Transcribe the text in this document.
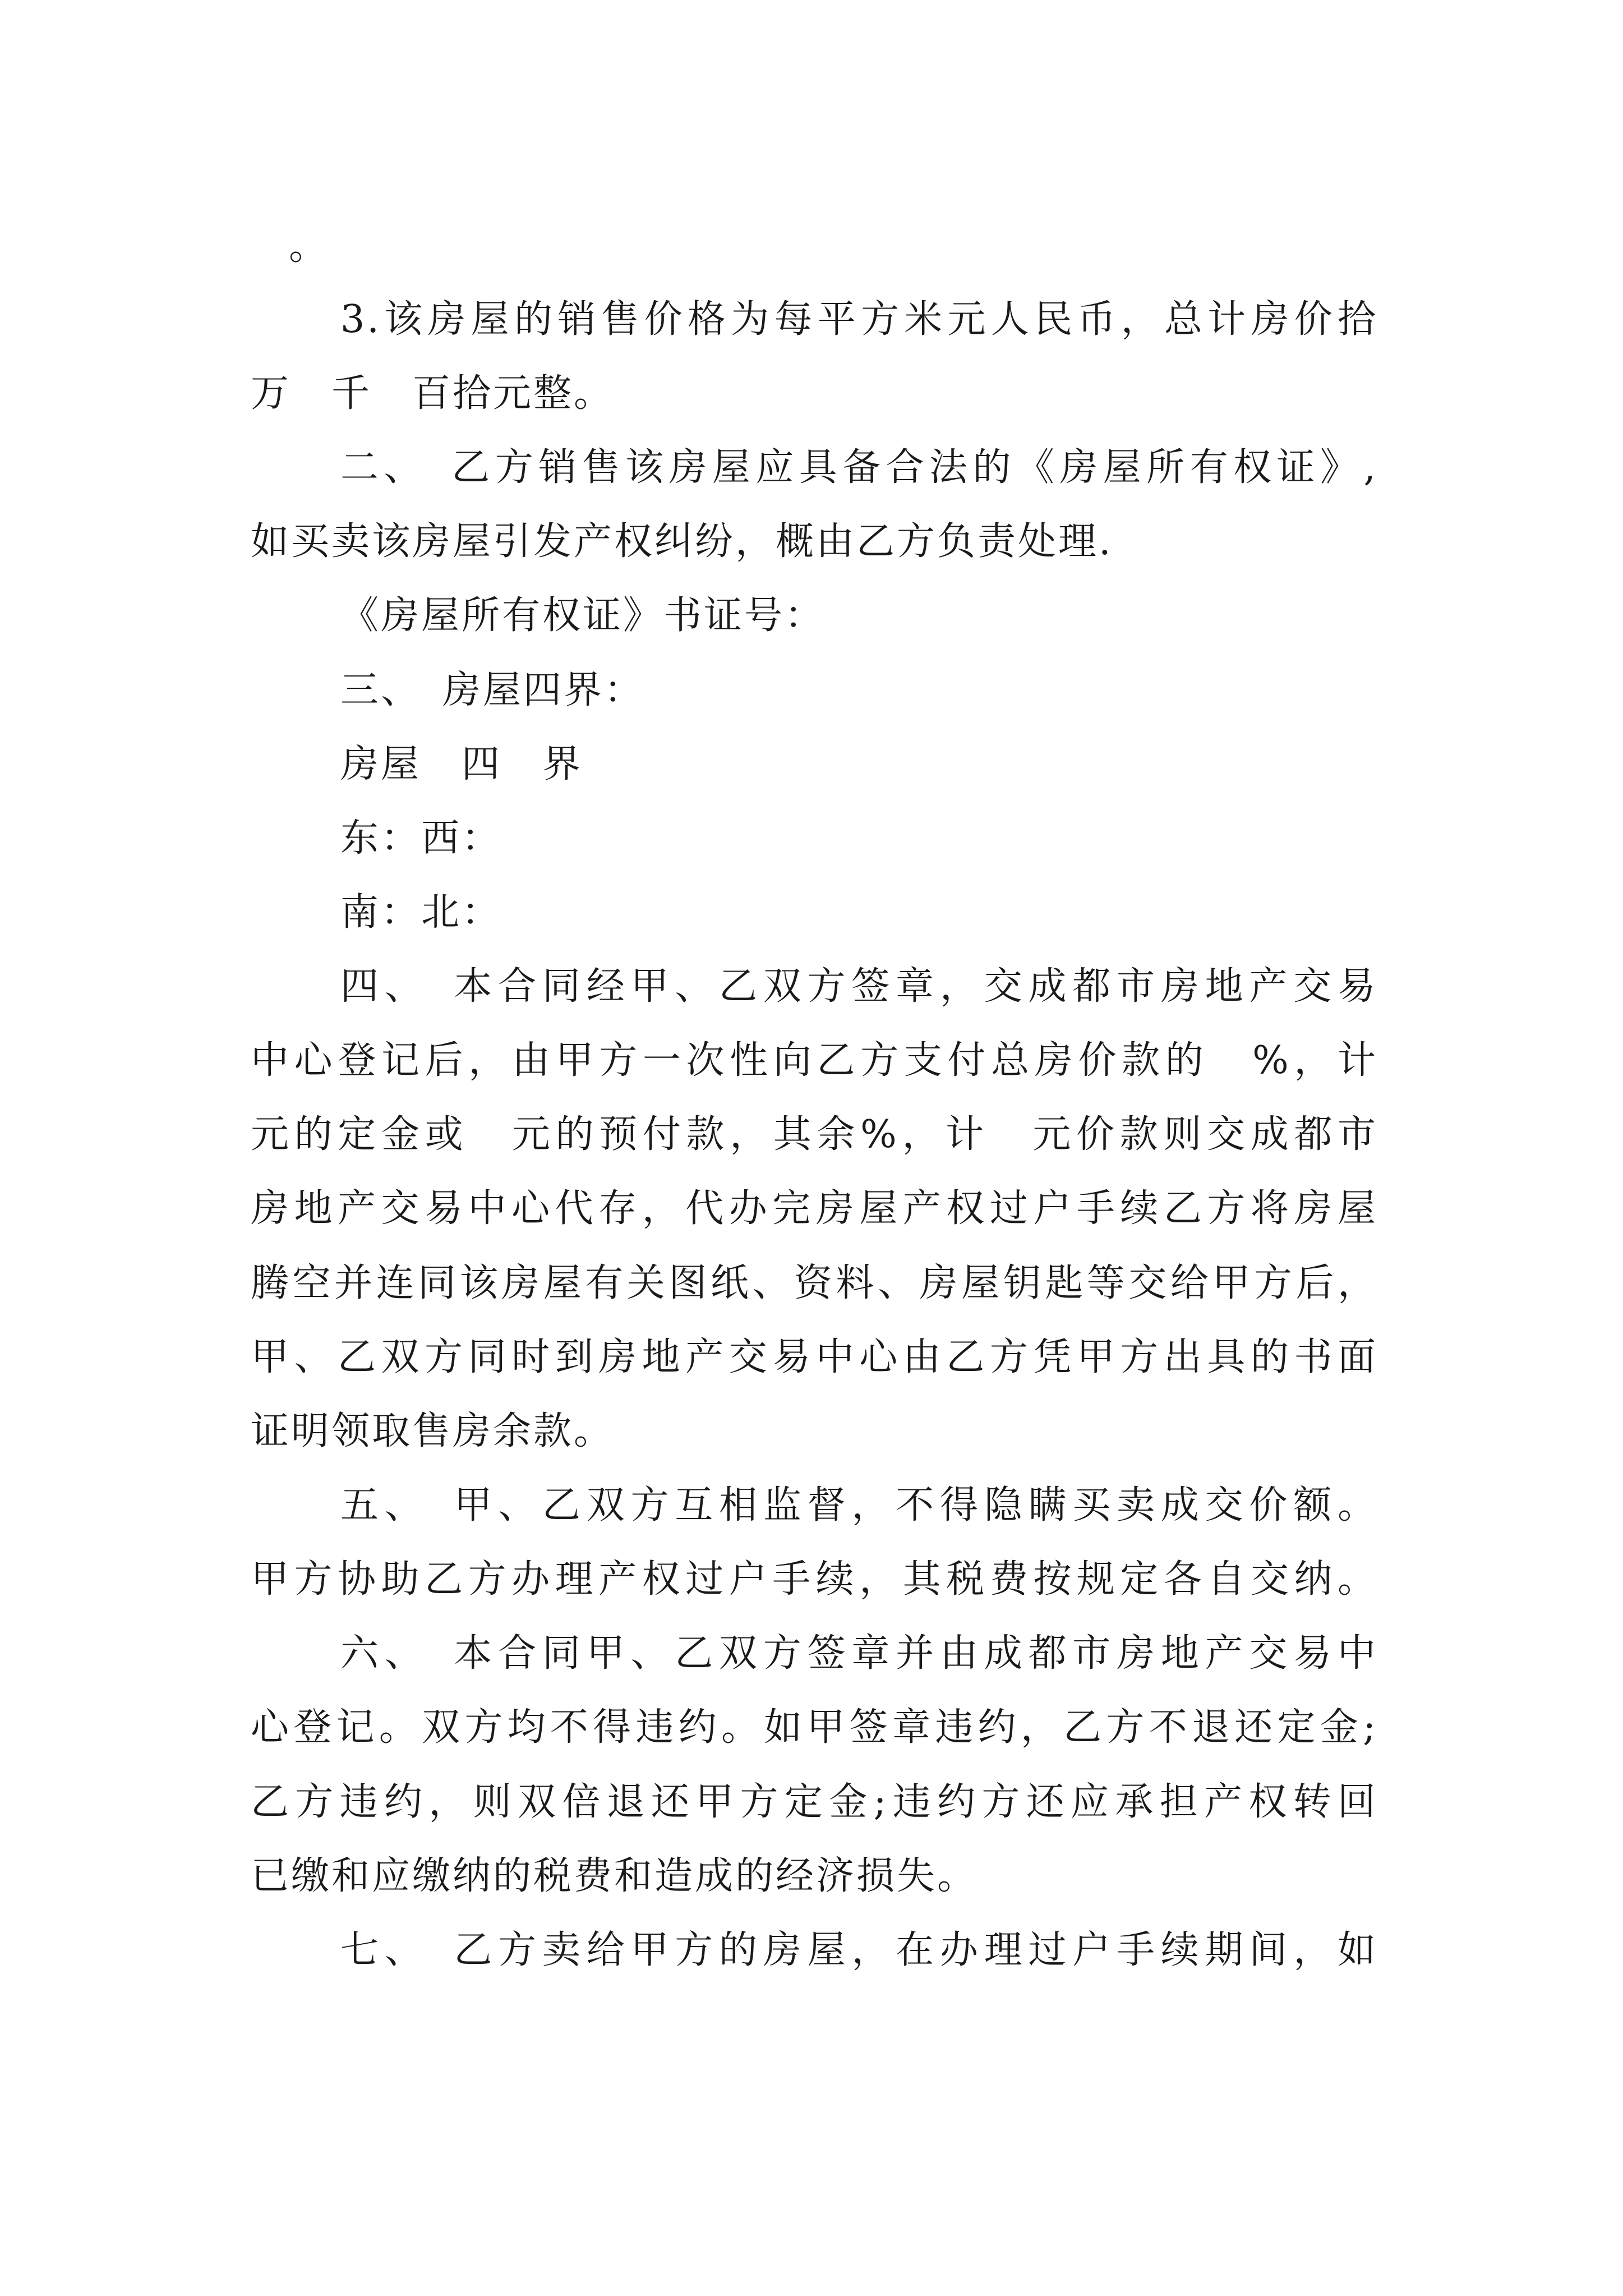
。

3.该房屋的销售价格为每平方米元人民币，总计房价拾

万　千　百拾元整。

二、　乙方销售该房屋应具备合法的《房屋所有权证》,

如买卖该房屋引发产权纠纷，概由乙方负责处理.

《房屋所有权证》书证号：

三、　房屋四界：

房屋　四　界

东：西：

南：北：

四、　本合同经甲、乙双方签章，交成都市房地产交易

中心登记后，由甲方一次性向乙方支付总房价款的　%，计

元的定金或　元的预付款，其余%，计　元价款则交成都市

房地产交易中心代存，代办完房屋产权过户手续乙方将房屋

腾空并连同该房屋有关图纸、资料、房屋钥匙等交给甲方后，

甲、乙双方同时到房地产交易中心由乙方凭甲方出具的书面

证明领取售房余款。

五、　甲、乙双方互相监督，不得隐瞒买卖成交价额。

甲方协助乙方办理产权过户手续，其税费按规定各自交纳。

六、　本合同甲、乙双方签章并由成都市房地产交易中

心登记。双方均不得违约。如甲签章违约，乙方不退还定金;

乙方违约，则双倍退还甲方定金;违约方还应承担产权转回

已缴和应缴纳的税费和造成的经济损失。

七、　乙方卖给甲方的房屋，在办理过户手续期间，如
